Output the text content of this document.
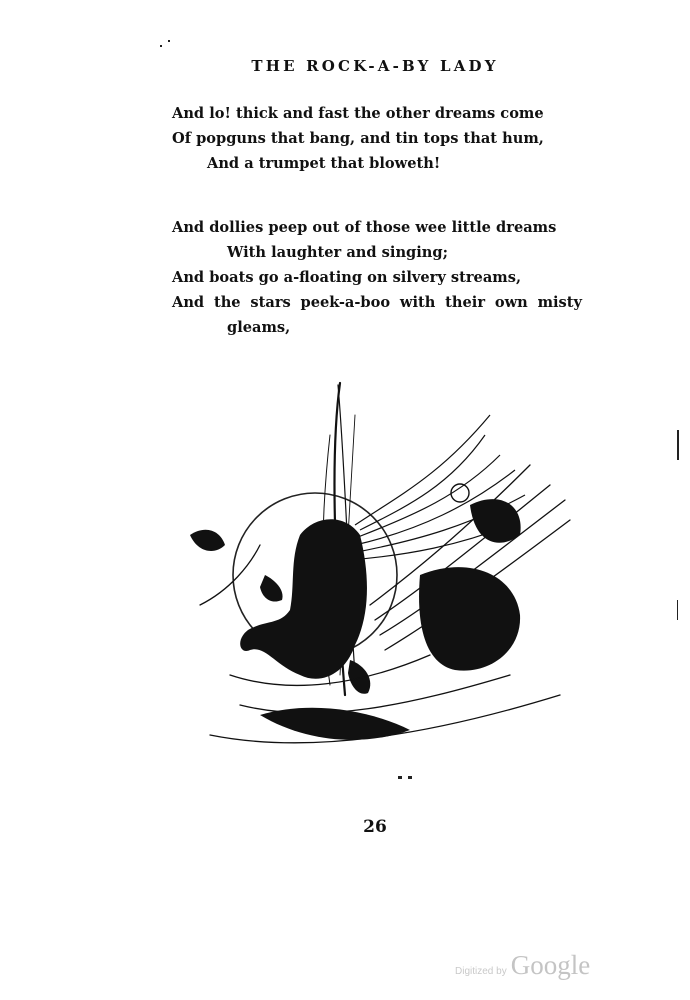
THE ROCK-A-BY LADY
And lo! thick and fast the other dreams come
Of popguns that bang, and tin tops that hum,
And a trumpet that bloweth!
And dollies peep out of those wee little dreams
With laughter and singing;
And boats go a-floating on silvery streams,
And the stars peek-a-boo with their own misty
gleams,
26
Digitized by Google
